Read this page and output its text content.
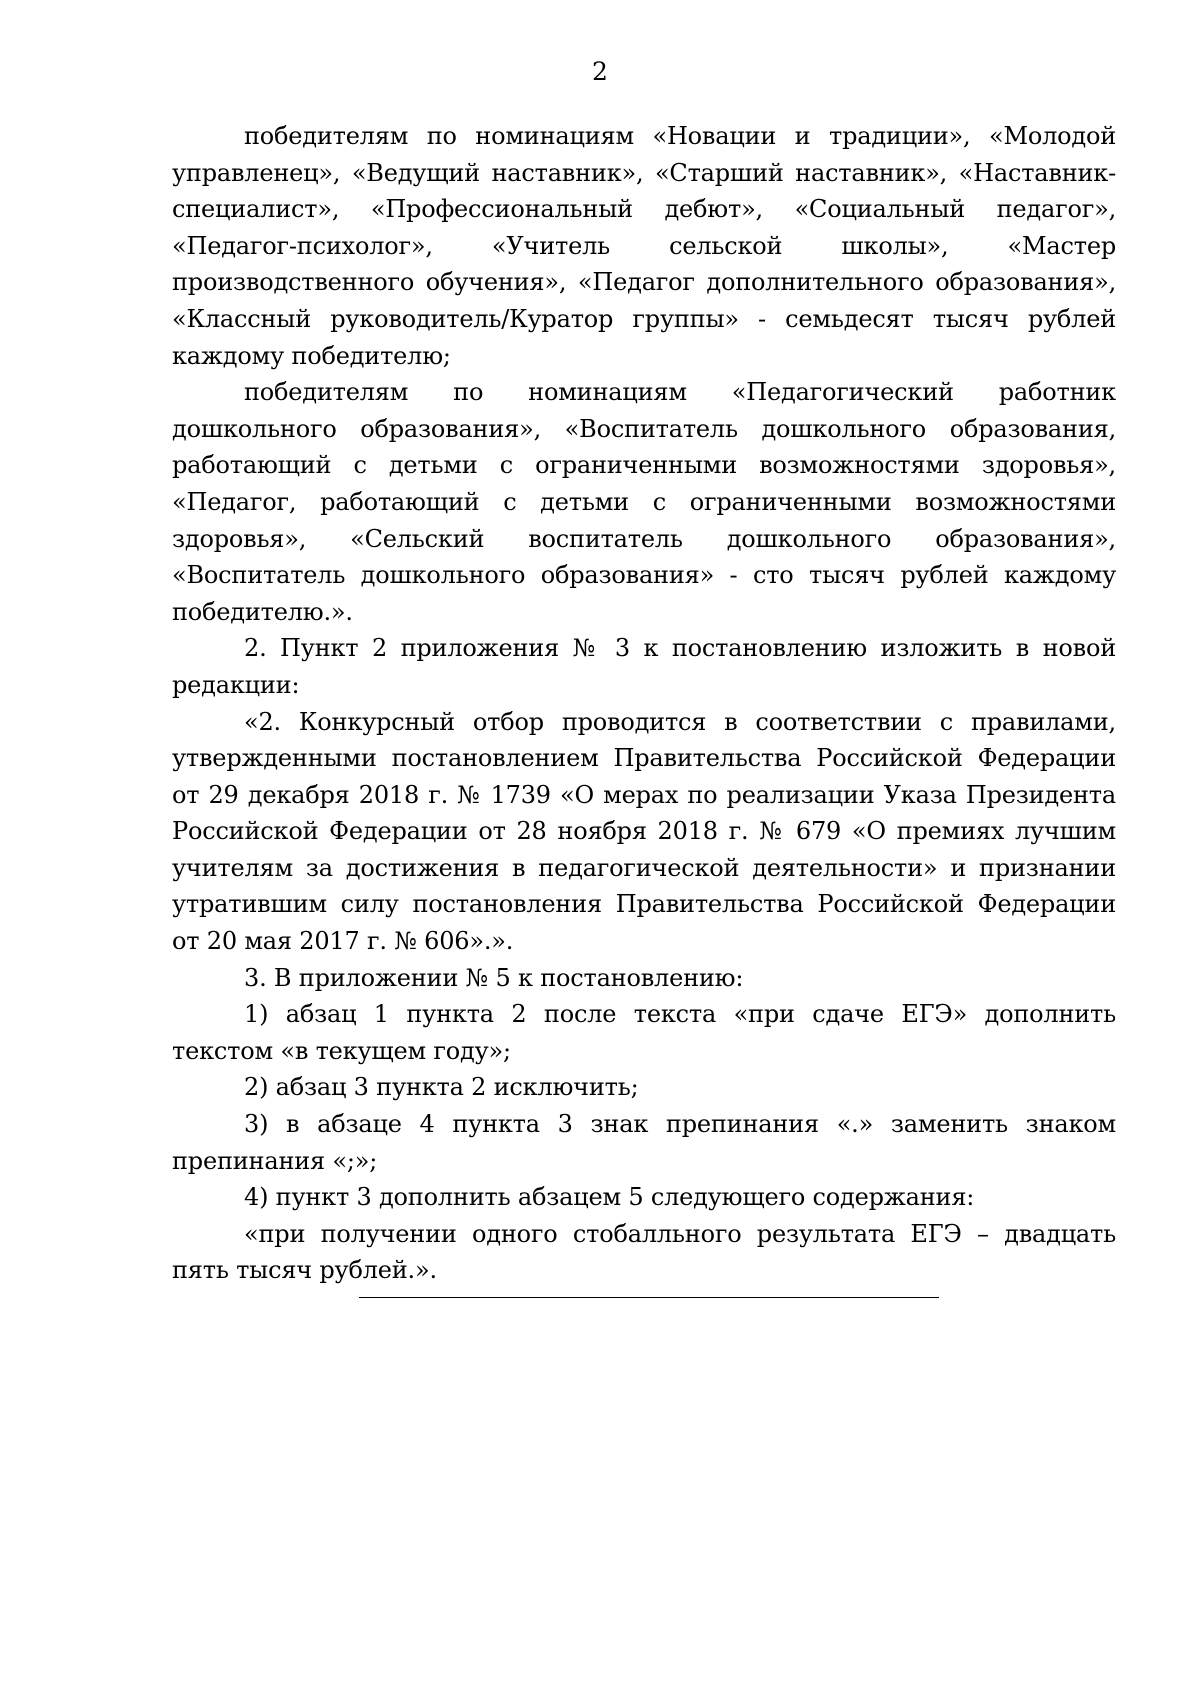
2

победителям по номинациям «Новации и традиции», «Молодой управленец», «Ведущий наставник», «Старший наставник», «Наставник-специалист», «Профессиональный дебют», «Социальный педагог», «Педагог-психолог», «Учитель сельской школы», «Мастер производственного обучения», «Педагог дополнительного образования», «Классный руководитель/Куратор группы» - семьдесят тысяч рублей каждому победителю;

победителям по номинациям «Педагогический работник дошкольного образования», «Воспитатель дошкольного образования, работающий с детьми с ограниченными возможностями здоровья», «Педагог, работающий с детьми с ограниченными возможностями здоровья», «Сельский воспитатель дошкольного образования», «Воспитатель дошкольного образования» - сто тысяч рублей каждому победителю.».

2. Пункт 2 приложения № 3 к постановлению изложить в новой редакции:

«2. Конкурсный отбор проводится в соответствии с правилами, утвержденными постановлением Правительства Российской Федерации от 29 декабря 2018 г. № 1739 «О мерах по реализации Указа Президента Российской Федерации от 28 ноября 2018 г. № 679 «О премиях лучшим учителям за достижения в педагогической деятельности» и признании утратившим силу постановления Правительства Российской Федерации от 20 мая 2017 г. № 606».».

3. В приложении № 5 к постановлению:

1) абзац 1 пункта 2 после текста «при сдаче ЕГЭ» дополнить текстом «в текущем году»;

2) абзац 3 пункта 2 исключить;

3) в абзаце 4 пункта 3 знак препинания «.» заменить знаком препинания «;»;

4) пункт 3 дополнить абзацем 5 следующего содержания:

«при получении одного стобалльного результата ЕГЭ – двадцать пять тысяч рублей.».
